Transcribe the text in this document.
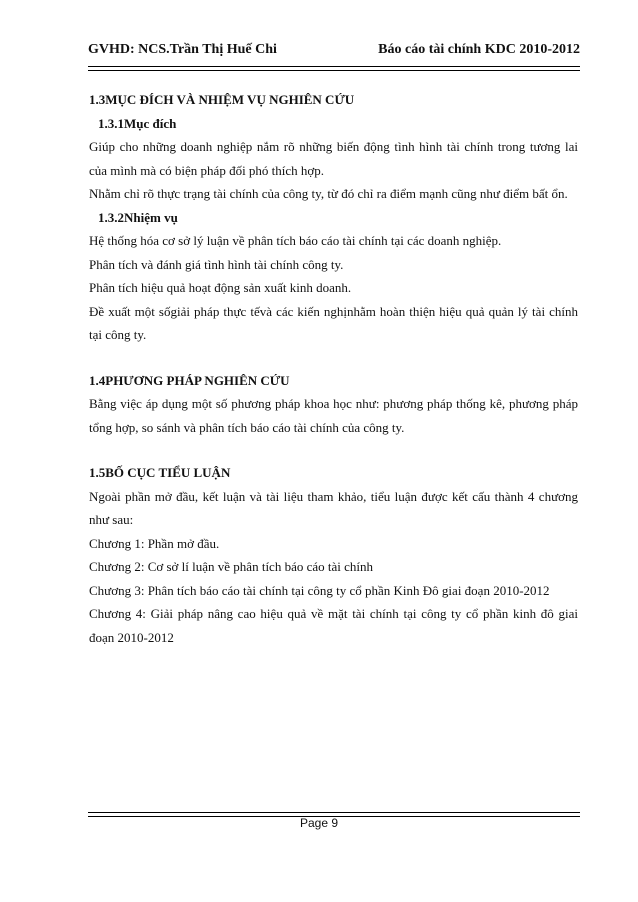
GVHD: NCS.Trần Thị Huế Chi	Báo cáo tài chính KDC 2010-2012

1.3MỤC ĐÍCH VÀ NHIỆM VỤ NGHIÊN CỨU

1.3.1Mục đích

Giúp cho những doanh nghiệp nắm rõ những biến động tình hình tài chính trong tương lai của mình mà có biện pháp đối phó thích hợp.

Nhằm chỉ rõ thực trạng tài chính của công ty, từ đó chỉ ra điểm mạnh cũng như điểm bất ổn.

1.3.2Nhiệm vụ

Hệ thống hóa cơ sở lý luận về phân tích báo cáo tài chính tại các doanh nghiệp.

Phân tích và đánh giá tình hình tài chính công ty.

Phân tích hiệu quả hoạt động sản xuất kinh doanh.

Đề xuất một sốgiải pháp thực tếvà các kiến nghịnhằm hoàn thiện hiệu quả quản lý tài chính tại công ty.

1.4PHƯƠNG PHÁP NGHIÊN CỨU

Bằng việc áp dụng một số phương pháp khoa học như: phương pháp thống kê, phương pháp tổng hợp, so sánh và phân tích báo cáo tài chính của công ty.

1.5BỐ CỤC TIỂU LUẬN

Ngoài phần mở đầu, kết luận và tài liệu tham khảo, tiểu luận được kết cấu thành 4 chương như sau:

Chương 1: Phần mở đầu.

Chương 2: Cơ sở lí luận về phân tích báo cáo tài chính

Chương 3: Phân tích báo cáo tài chính tại công ty cổ phần Kinh Đô giai đoạn 2010-2012

Chương 4: Giải pháp nâng cao hiệu quả về mặt tài chính tại công ty cổ phần kinh đô giai đoạn 2010-2012

Page 9
